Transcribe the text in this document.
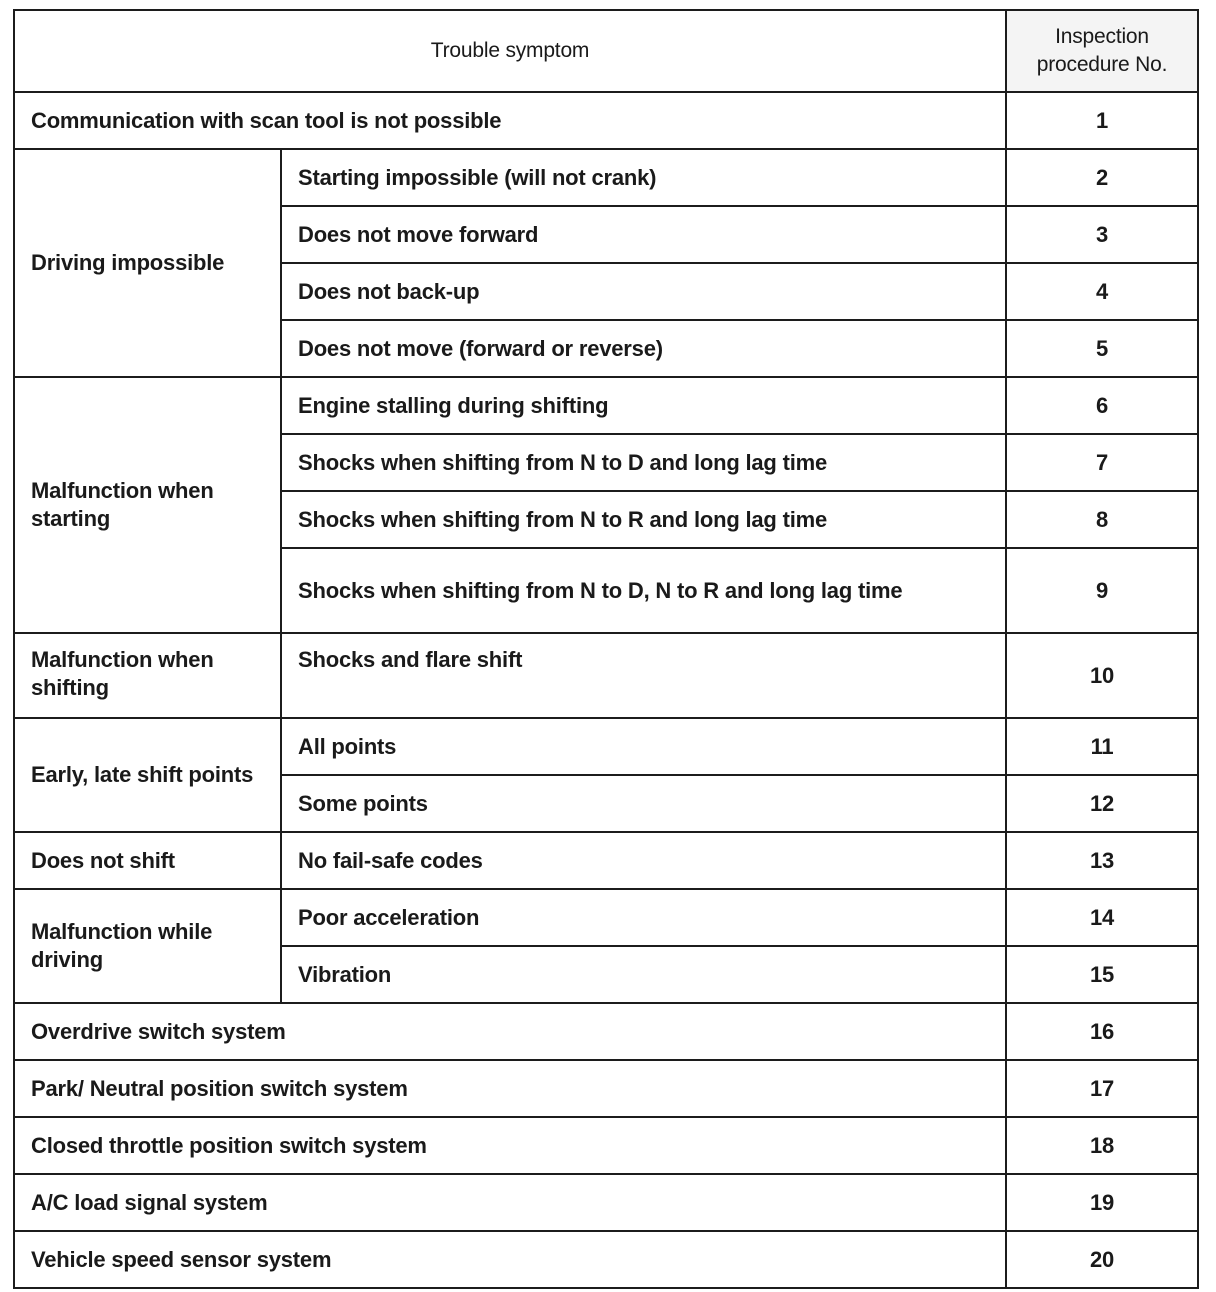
Trouble symptom		Inspection
procedure No.
Communication with scan tool is not possible		1
Driving impossible	Starting impossible (will not crank)	2
	Does not move forward	3
	Does not back-up	4
	Does not move (forward or reverse)	5
Malfunction when starting	Engine stalling during shifting	6
	Shocks when shifting from N to D and long lag time	7
	Shocks when shifting from N to R and long lag time	8
	Shocks when shifting from N to D, N to R and long lag time	9
Malfunction when shifting	Shocks and flare shift	10
Early, late shift points	All points	11
	Some points	12
Does not shift	No fail-safe codes	13
Malfunction while driving	Poor acceleration	14
	Vibration	15
Overdrive switch system		16
Park/ Neutral position switch system		17
Closed throttle position switch system		18
A/C load signal system		19
Vehicle speed sensor system		20
